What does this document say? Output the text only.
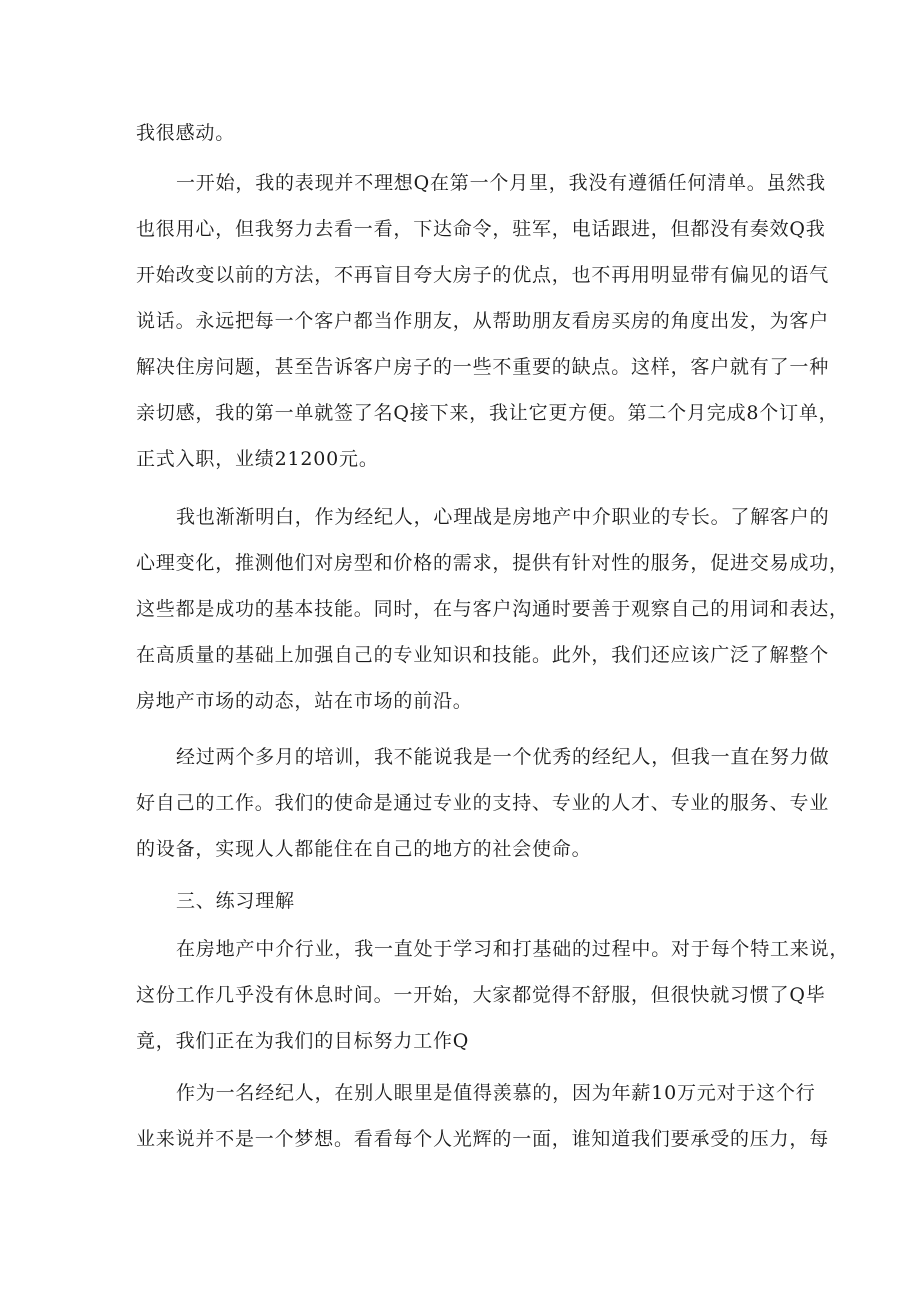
我很感动。
一开始，我的表现并不理想Q在第一个月里，我没有遵循任何清单。虽然我
也很用心，但我努力去看一看，下达命令，驻军，电话跟进，但都没有奏效Q我
开始改变以前的方法，不再盲目夸大房子的优点，也不再用明显带有偏见的语气
说话。永远把每一个客户都当作朋友，从帮助朋友看房买房的角度出发，为客户
解决住房问题，甚至告诉客户房子的一些不重要的缺点。这样，客户就有了一种
亲切感，我的第一单就签了名Q接下来，我让它更方便。第二个月完成8个订单，
正式入职，业绩21200元。
我也渐渐明白，作为经纪人，心理战是房地产中介职业的专长。了解客户的
心理变化，推测他们对房型和价格的需求，提供有针对性的服务，促进交易成功，
这些都是成功的基本技能。同时，在与客户沟通时要善于观察自己的用词和表达，
在高质量的基础上加强自己的专业知识和技能。此外，我们还应该广泛了解整个
房地产市场的动态，站在市场的前沿。
经过两个多月的培训，我不能说我是一个优秀的经纪人，但我一直在努力做
好自己的工作。我们的使命是通过专业的支持、专业的人才、专业的服务、专业
的设备，实现人人都能住在自己的地方的社会使命。
三、练习理解
在房地产中介行业，我一直处于学习和打基础的过程中。对于每个特工来说，
这份工作几乎没有休息时间。一开始，大家都觉得不舒服，但很快就习惯了Q毕
竟，我们正在为我们的目标努力工作Q
作为一名经纪人，在别人眼里是值得羡慕的，因为年薪10万元对于这个行
业来说并不是一个梦想。看看每个人光辉的一面，谁知道我们要承受的压力，每
